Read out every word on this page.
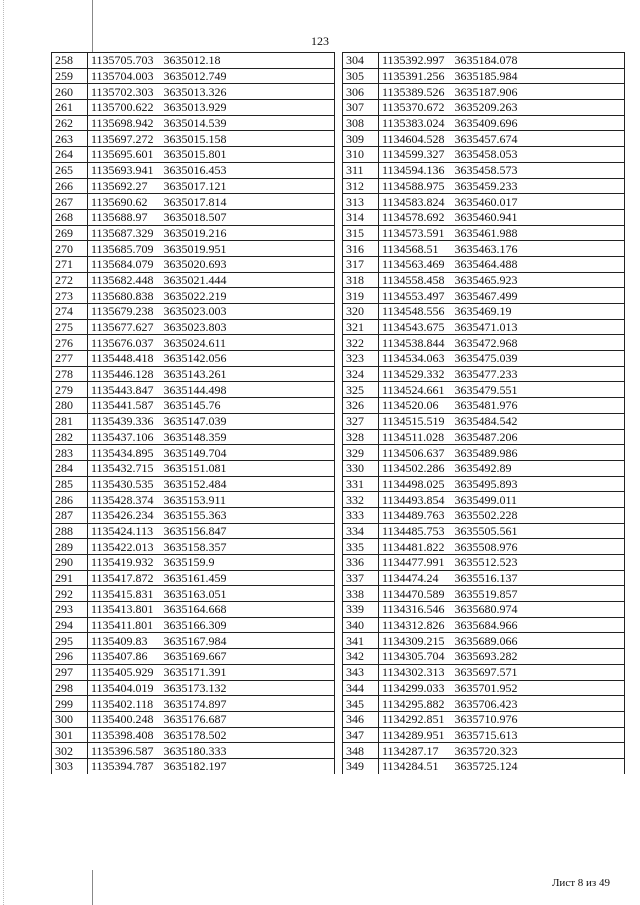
123
258	1135705.703	3635012.18
259	1135704.003	3635012.749
260	1135702.303	3635013.326
261	1135700.622	3635013.929
262	1135698.942	3635014.539
263	1135697.272	3635015.158
264	1135695.601	3635015.801
265	1135693.941	3635016.453
266	1135692.27	3635017.121
267	1135690.62	3635017.814
268	1135688.97	3635018.507
269	1135687.329	3635019.216
270	1135685.709	3635019.951
271	1135684.079	3635020.693
272	1135682.448	3635021.444
273	1135680.838	3635022.219
274	1135679.238	3635023.003
275	1135677.627	3635023.803
276	1135676.037	3635024.611
277	1135448.418	3635142.056
278	1135446.128	3635143.261
279	1135443.847	3635144.498
280	1135441.587	3635145.76
281	1135439.336	3635147.039
282	1135437.106	3635148.359
283	1135434.895	3635149.704
284	1135432.715	3635151.081
285	1135430.535	3635152.484
286	1135428.374	3635153.911
287	1135426.234	3635155.363
288	1135424.113	3635156.847
289	1135422.013	3635158.357
290	1135419.932	3635159.9
291	1135417.872	3635161.459
292	1135415.831	3635163.051
293	1135413.801	3635164.668
294	1135411.801	3635166.309
295	1135409.83	3635167.984
296	1135407.86	3635169.667
297	1135405.929	3635171.391
298	1135404.019	3635173.132
299	1135402.118	3635174.897
300	1135400.248	3635176.687
301	1135398.408	3635178.502
302	1135396.587	3635180.333
303	1135394.787	3635182.197
304	1135392.997	3635184.078
305	1135391.256	3635185.984
306	1135389.526	3635187.906
307	1135370.672	3635209.263
308	1135383.024	3635409.696
309	1134604.528	3635457.674
310	1134599.327	3635458.053
311	1134594.136	3635458.573
312	1134588.975	3635459.233
313	1134583.824	3635460.017
314	1134578.692	3635460.941
315	1134573.591	3635461.988
316	1134568.51	3635463.176
317	1134563.469	3635464.488
318	1134558.458	3635465.923
319	1134553.497	3635467.499
320	1134548.556	3635469.19
321	1134543.675	3635471.013
322	1134538.844	3635472.968
323	1134534.063	3635475.039
324	1134529.332	3635477.233
325	1134524.661	3635479.551
326	1134520.06	3635481.976
327	1134515.519	3635484.542
328	1134511.028	3635487.206
329	1134506.637	3635489.986
330	1134502.286	3635492.89
331	1134498.025	3635495.893
332	1134493.854	3635499.011
333	1134489.763	3635502.228
334	1134485.753	3635505.561
335	1134481.822	3635508.976
336	1134477.991	3635512.523
337	1134474.24	3635516.137
338	1134470.589	3635519.857
339	1134316.546	3635680.974
340	1134312.826	3635684.966
341	1134309.215	3635689.066
342	1134305.704	3635693.282
343	1134302.313	3635697.571
344	1134299.033	3635701.952
345	1134295.882	3635706.423
346	1134292.851	3635710.976
347	1134289.951	3635715.613
348	1134287.17	3635720.323
349	1134284.51	3635725.124
Лист 8 из 49
